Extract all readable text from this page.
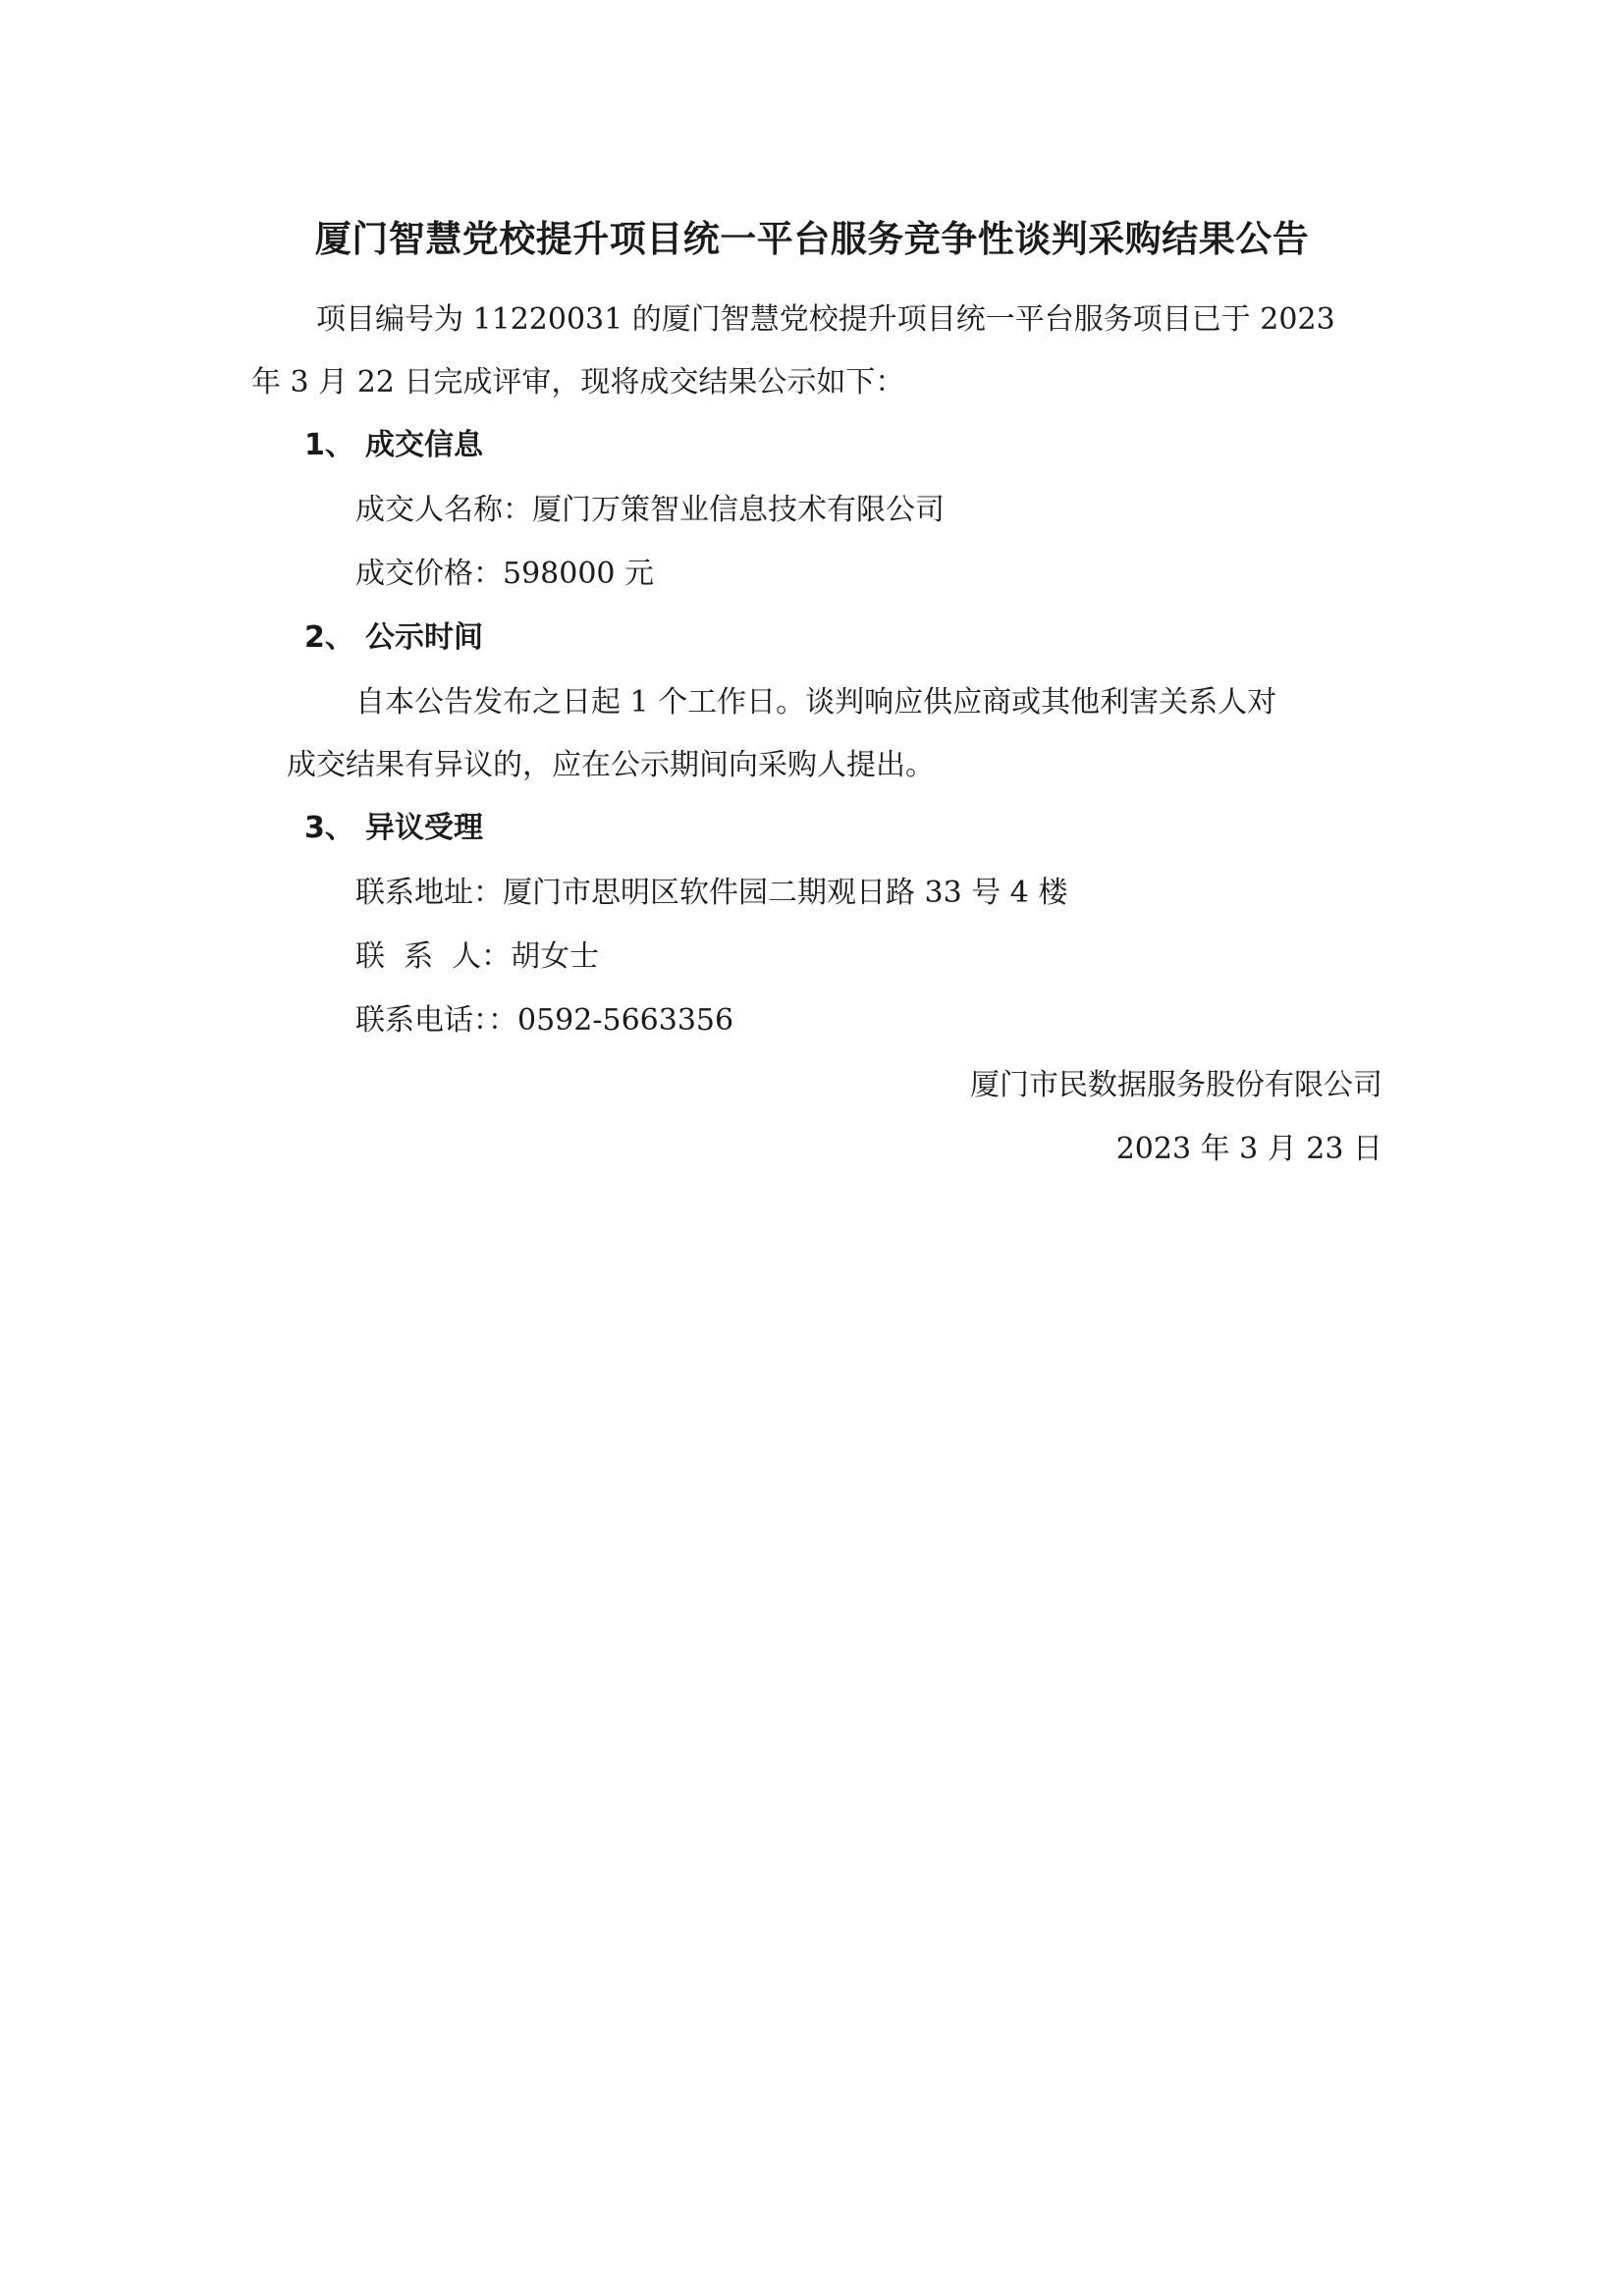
厦门智慧党校提升项目统一平台服务竞争性谈判采购结果公告
项目编号为 11220031 的厦门智慧党校提升项目统一平台服务项目已于 2023
年 3 月 22 日完成评审，现将成交结果公示如下：
1、 成交信息
成交人名称：厦门万策智业信息技术有限公司
成交价格：598000 元
2、 公示时间
自本公告发布之日起 1 个工作日。谈判响应供应商或其他利害关系人对
成交结果有异议的，应在公示期间向采购人提出。
3、 异议受理
联系地址：厦门市思明区软件园二期观日路 33 号 4 楼
联  系  人：胡女士
联系电话：：0592-5663356
厦门市民数据服务股份有限公司
2023 年 3 月 23 日
